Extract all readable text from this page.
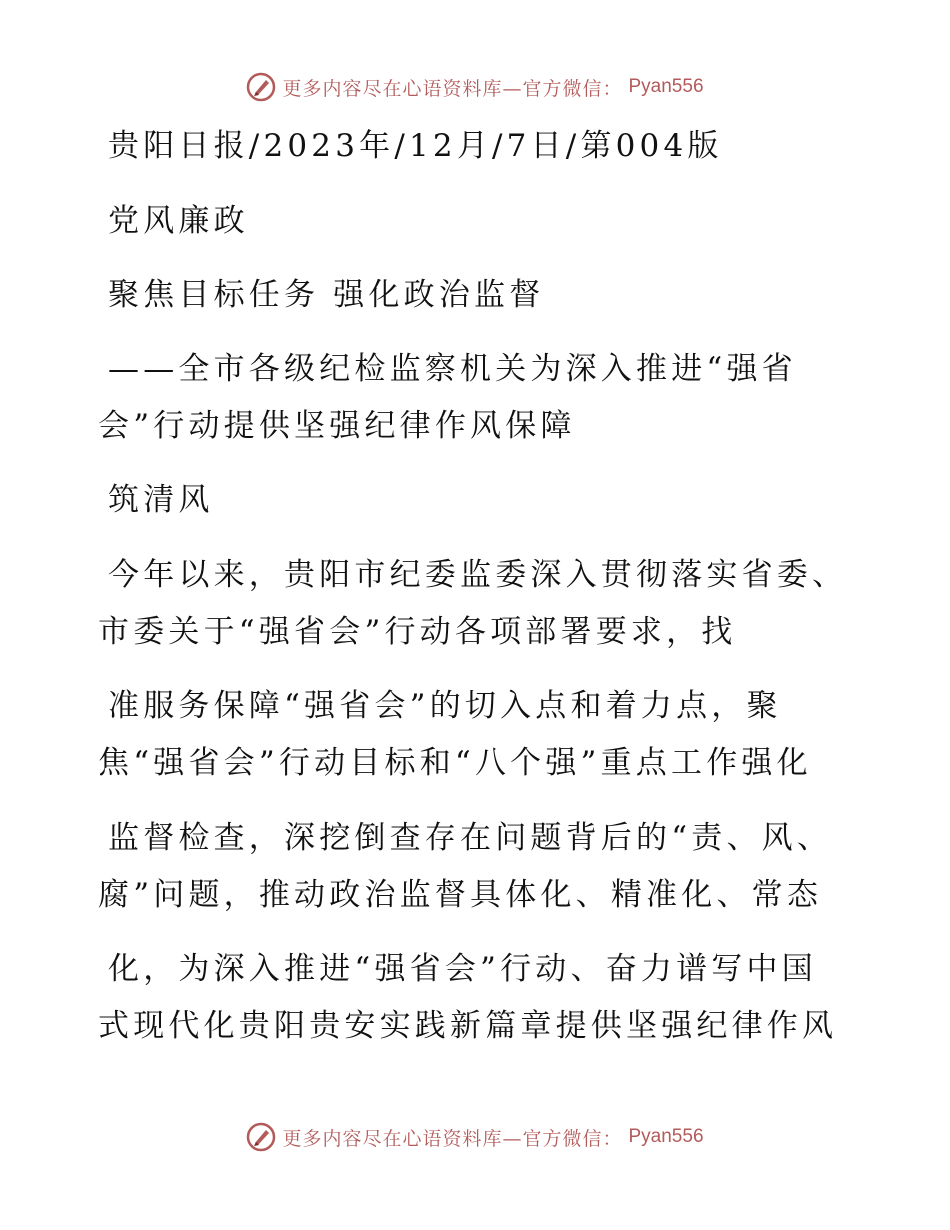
更多内容尽在心语资料库—官方微信： Pyan556
贵阳日报/2023年/12月/7日/第004版
党风廉政
聚焦目标任务 强化政治监督
——全市各级纪检监察机关为深入推进“强省
会”行动提供坚强纪律作风保障
筑清风
今年以来，贵阳市纪委监委深入贯彻落实省委、
市委关于“强省会”行动各项部署要求，找
准服务保障“强省会”的切入点和着力点，聚
焦“强省会”行动目标和“八个强”重点工作强化
监督检查，深挖倒查存在问题背后的“责、风、
腐”问题，推动政治监督具体化、精准化、常态
化，为深入推进“强省会”行动、奋力谱写中国
式现代化贵阳贵安实践新篇章提供坚强纪律作风
更多内容尽在心语资料库—官方微信： Pyan556
